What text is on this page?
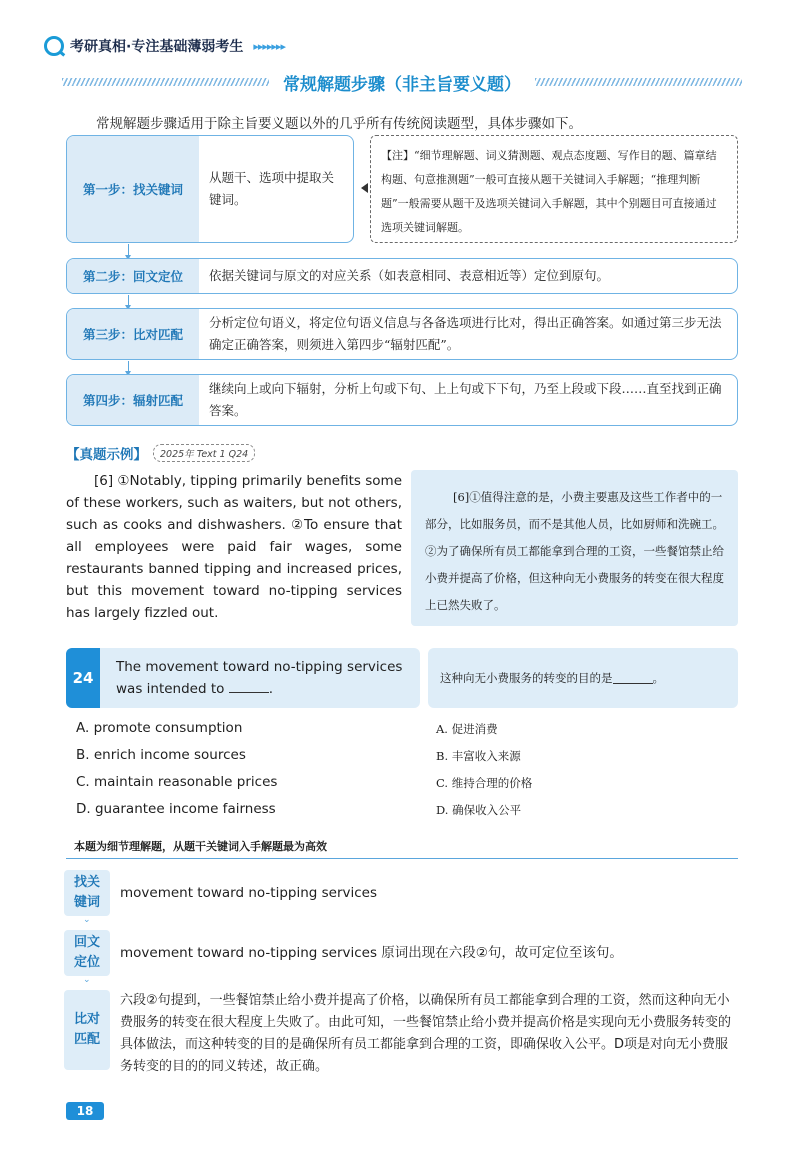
考研真相·专注基础薄弱考生 ▸▸▸▸▸▸▸
常规解题步骤（非主旨要义题）
常规解题步骤适用于除主旨要义题以外的几乎所有传统阅读题型，具体步骤如下。
第一步：找关键词
从题干、选项中提取关键词。
【注】“细节理解题、词义猜测题、观点态度题、写作目的题、篇章结构题、句意推测题”一般可直接从题干关键词入手解题；“推理判断题”一般需要从题干及选项关键词入手解题，其中个别题目可直接通过选项关键词解题。
第二步：回文定位	依据关键词与原文的对应关系（如表意相同、表意相近等）定位到原句。
第三步：比对匹配
分析定位句语义，将定位句语义信息与各备选项进行比对，得出正确答案。如通过第三步无法确定正确答案，则须进入第四步“辐射匹配”。
第四步：辐射匹配
继续向上或向下辐射，分析上句或下句、上上句或下下句，乃至上段或下段……直至找到正确答案。
【真题示例】	2025年 Text 1 Q24
[6] ①Notably, tipping primarily benefits some of these workers, such as waiters, but not others, such as cooks and dishwashers. ②To ensure that all employees were paid fair wages, some restaurants banned tipping and increased prices, but this movement toward no-tipping services has largely fizzled out.
[6]①值得注意的是，小费主要惠及这些工作者中的一部分，比如服务员，而不是其他人员，比如厨师和洗碗工。②为了确保所有员工都能拿到合理的工资，一些餐馆禁止给小费并提高了价格，但这种向无小费服务的转变在很大程度上已然失败了。
24
The movement toward no-tipping services was intended to	.
这种向无小费服务的转变的目的是	。
A. promote consumption
B. enrich income sources
C. maintain reasonable prices
D. guarantee income fairness
A. 促进消费
B. 丰富收入来源
C. 维持合理的价格
D. 确保收入公平
本题为细节理解题，从题干关键词入手解题最为高效
找关
键词
⌄
movement toward no-tipping services
回文
定位
⌄
movement toward no-tipping services 原词出现在六段②句，故可定位至该句。
比对
匹配
六段②句提到，一些餐馆禁止给小费并提高了价格，以确保所有员工都能拿到合理的工资，然而这种向无小费服务的转变在很大程度上失败了。由此可知，一些餐馆禁止给小费并提高价格是实现向无小费服务转变的具体做法，而这种转变的目的是确保所有员工都能拿到合理的工资，即确保收入公平。D项是对向无小费服务转变的目的的同义转述，故正确。
18
